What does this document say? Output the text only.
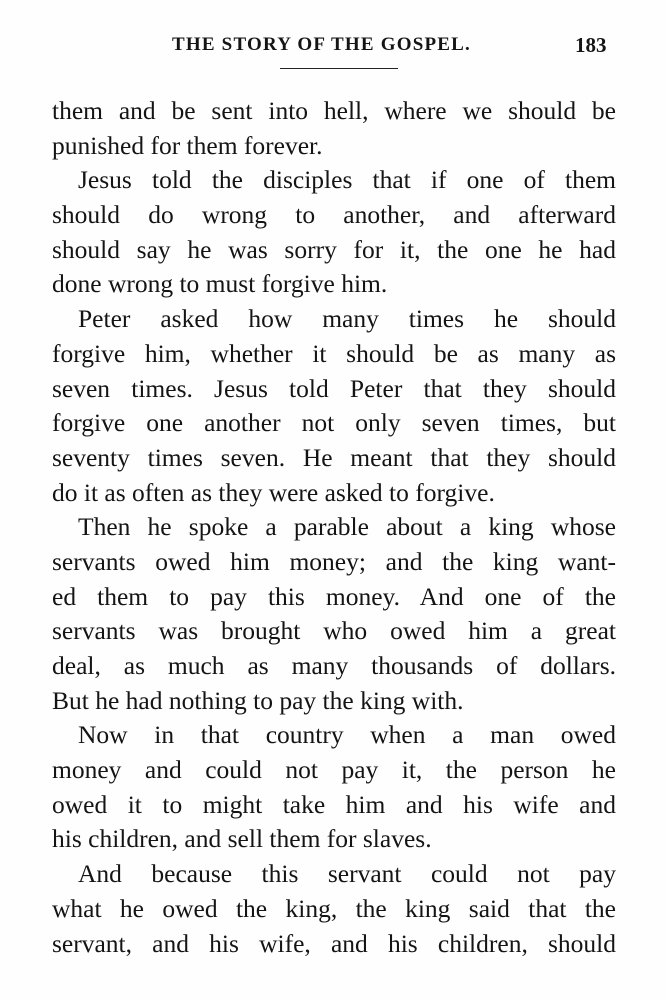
THE STORY OF THE GOSPEL.	183
them and be sent into hell, where we should be
punished for them forever.
Jesus told the disciples that if one of them
should do wrong to another, and afterward
should say he was sorry for it, the one he had
done wrong to must forgive him.
Peter asked how many times he should
forgive him, whether it should be as many as
seven times. Jesus told Peter that they should
forgive one another not only seven times, but
seventy times seven. He meant that they should
do it as often as they were asked to forgive.
Then he spoke a parable about a king whose
servants owed him money; and the king want-
ed them to pay this money. And one of the
servants was brought who owed him a great
deal, as much as many thousands of dollars.
But he had nothing to pay the king with.
Now in that country when a man owed
money and could not pay it, the person he
owed it to might take him and his wife and
his children, and sell them for slaves.
And because this servant could not pay
what he owed the king, the king said that the
servant, and his wife, and his children, should
